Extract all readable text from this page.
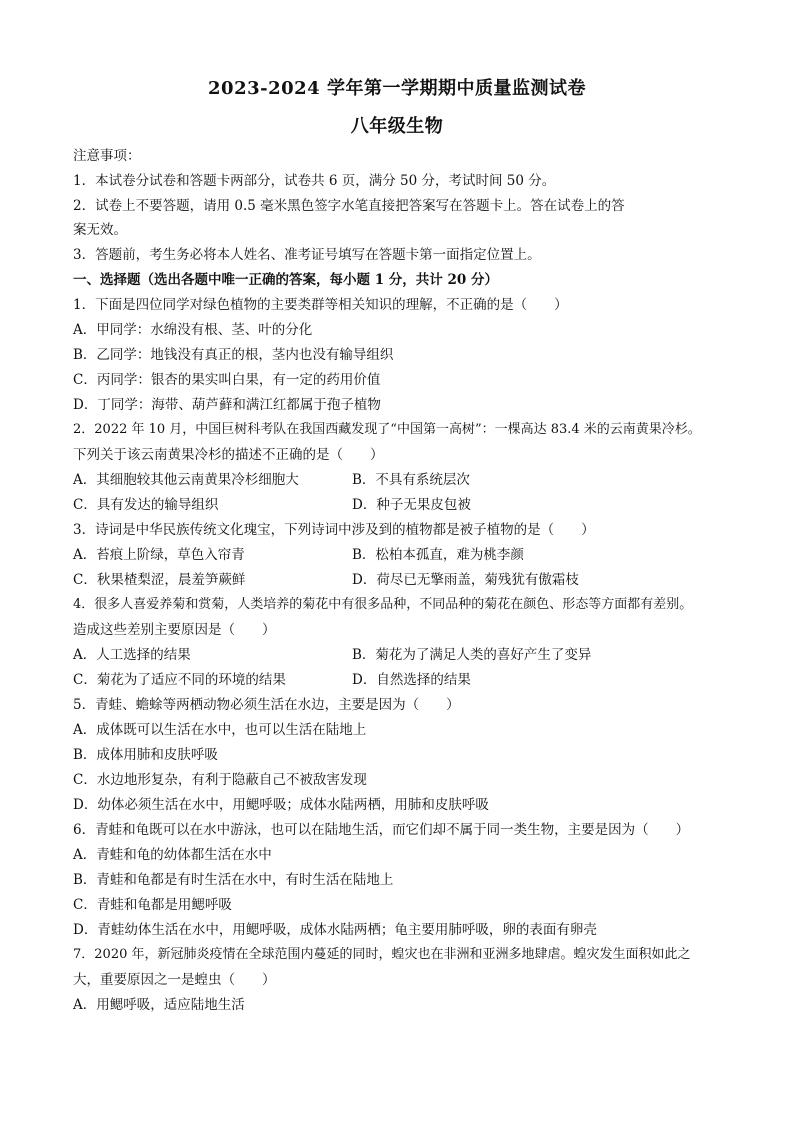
2023-2024 学年第一学期期中质量监测试卷
八年级生物
注意事项：
1．本试卷分试卷和答题卡两部分，试卷共 6 页，满分 50 分，考试时间 50 分。
2．试卷上不要答题，请用 0.5 毫米黑色签字水笔直接把答案写在答题卡上。答在试卷上的答
案无效。
3．答题前，考生务必将本人姓名、准考证号填写在答题卡第一面指定位置上。
一、选择题（选出各题中唯一正确的答案，每小题 1 分，共计 20 分）
1．下面是四位同学对绿色植物的主要类群等相关知识的理解，不正确的是（　　）
A．甲同学：水绵没有根、茎、叶的分化
B．乙同学：地钱没有真正的根，茎内也没有输导组织
C．丙同学：银杏的果实叫白果，有一定的药用价值
D．丁同学：海带、葫芦藓和满江红都属于孢子植物
2．2022 年 10 月，中国巨树科考队在我国西藏发现了“中国第一高树”：一棵高达 83.4 米的云南黄果冷杉。
下列关于该云南黄果冷杉的描述不正确的是（　　）
A．其细胞较其他云南黄果冷杉细胞大	B．不具有系统层次
C．具有发达的输导组织	D．种子无果皮包被
3．诗词是中华民族传统文化瑰宝，下列诗词中涉及到的植物都是被子植物的是（　　）
A．苔痕上阶绿，草色入帘青	B．松柏本孤直，难为桃李颜
C．秋果楂梨涩，晨羞笋蕨鲜	D．荷尽已无擎雨盖，菊残犹有傲霜枝
4．很多人喜爱养菊和赏菊，人类培养的菊花中有很多品种，不同品种的菊花在颜色、形态等方面都有差别。
造成这些差别主要原因是（　　）
A．人工选择的结果	B．菊花为了满足人类的喜好产生了变异
C．菊花为了适应不同的环境的结果	D．自然选择的结果
5．青蛙、蟾蜍等两栖动物必须生活在水边，主要是因为（　　）
A．成体既可以生活在水中，也可以生活在陆地上
B．成体用肺和皮肤呼吸
C．水边地形复杂，有利于隐蔽自己不被敌害发现
D．幼体必须生活在水中，用鳃呼吸；成体水陆两栖，用肺和皮肤呼吸
6．青蛙和龟既可以在水中游泳，也可以在陆地生活，而它们却不属于同一类生物，主要是因为（　　）
A．青蛙和龟的幼体都生活在水中
B．青蛙和龟都是有时生活在水中，有时生活在陆地上
C．青蛙和龟都是用鳃呼吸
D．青蛙幼体生活在水中，用鳃呼吸，成体水陆两栖；龟主要用肺呼吸，卵的表面有卵壳
7．2020 年，新冠肺炎疫情在全球范围内蔓延的同时，蝗灾也在非洲和亚洲多地肆虐。蝗灾发生面积如此之
大，重要原因之一是蝗虫（　　）
A．用鳃呼吸，适应陆地生活
